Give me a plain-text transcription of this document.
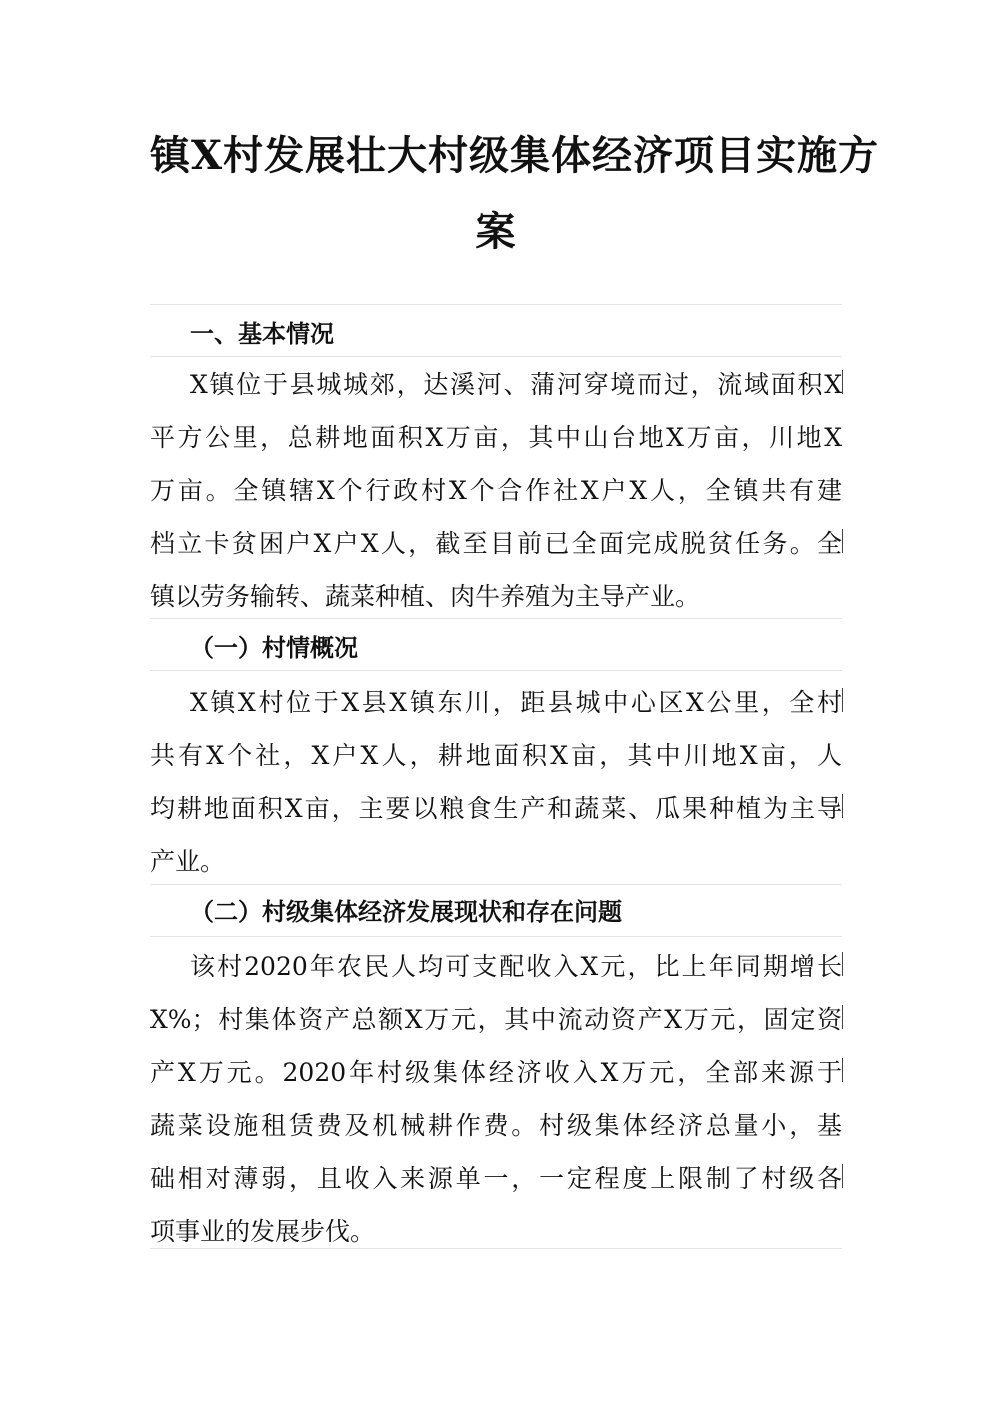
镇X村发展壮大村级集体经济项目实施方
案
一、基本情况
X镇位于县城城郊，达溪河、蒲河穿境而过，流域面积X
平方公里，总耕地面积X万亩，其中山台地X万亩，川地X
万亩。全镇辖X个行政村X个合作社X户X人，全镇共有建
档立卡贫困户X户X人，截至目前已全面完成脱贫任务。全
镇以劳务输转、蔬菜种植、肉牛养殖为主导产业。
（一）村情概况
X镇X村位于X县X镇东川，距县城中心区X公里，全村
共有X个社，X户X人，耕地面积X亩，其中川地X亩，人
均耕地面积X亩，主要以粮食生产和蔬菜、瓜果种植为主导
产业。
（二）村级集体经济发展现状和存在问题
该村2020年农民人均可支配收入X元，比上年同期增长
X%；村集体资产总额X万元，其中流动资产X万元，固定资
产X万元。2020年村级集体经济收入X万元，全部来源于
蔬菜设施租赁费及机械耕作费。村级集体经济总量小，基
础相对薄弱，且收入来源单一，一定程度上限制了村级各
项事业的发展步伐。
